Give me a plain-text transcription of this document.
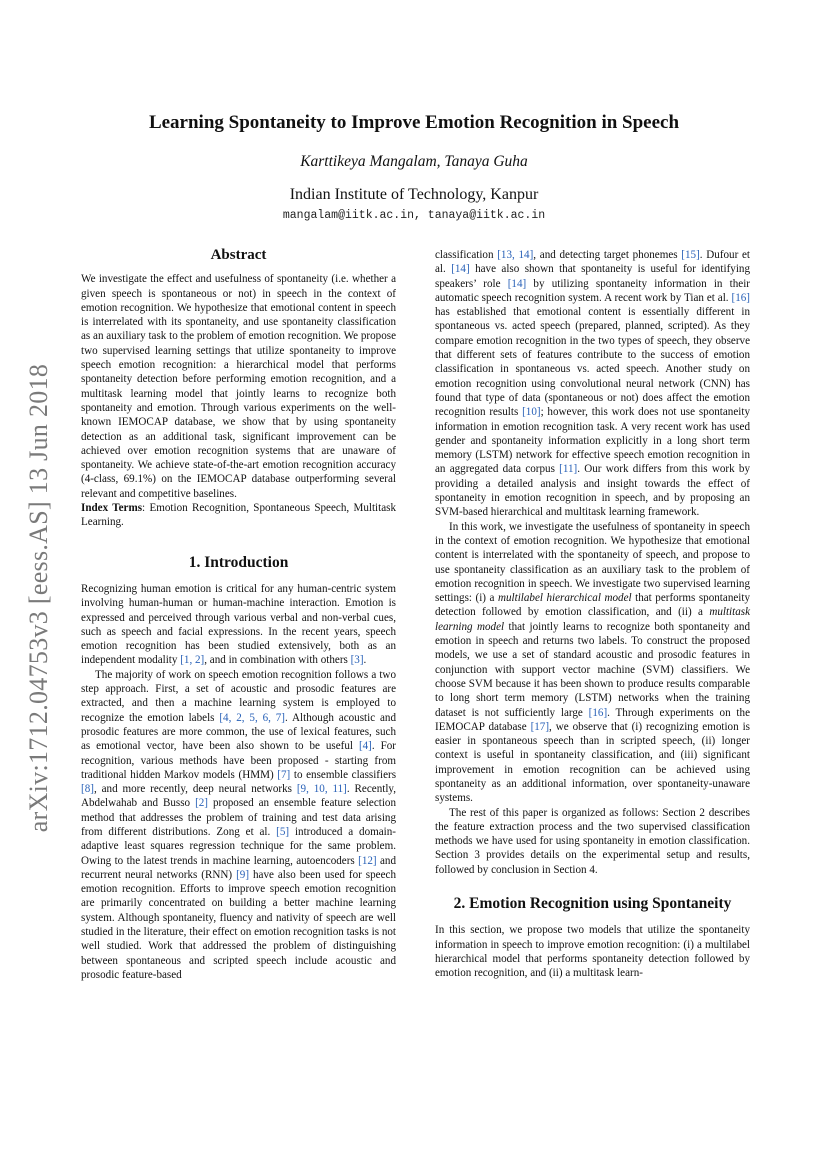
arXiv:1712.04753v3 [eess.AS] 13 Jun 2018
Learning Spontaneity to Improve Emotion Recognition in Speech
Karttikeya Mangalam, Tanaya Guha
Indian Institute of Technology, Kanpur
mangalam@iitk.ac.in, tanaya@iitk.ac.in
Abstract

We investigate the effect and usefulness of spontaneity (i.e. whether a given speech is spontaneous or not) in speech in the context of emotion recognition. We hypothesize that emotional content in speech is interrelated with its spontaneity, and use spontaneity classification as an auxiliary task to the problem of emotion recognition. We propose two supervised learning settings that utilize spontaneity to improve speech emotion recognition: a hierarchical model that performs spontaneity detection before performing emotion recognition, and a multitask learning model that jointly learns to recognize both spontaneity and emotion. Through various experiments on the well-known IEMOCAP database, we show that by using spontaneity detection as an additional task, significant improvement can be achieved over emotion recognition systems that are unaware of spontaneity. We achieve state-of-the-art emotion recognition accuracy (4-class, 69.1%) on the IEMOCAP database outperforming several relevant and competitive baselines.

Index Terms: Emotion Recognition, Spontaneous Speech, Multitask Learning.

1. Introduction

Recognizing human emotion is critical for any human-centric system involving human-human or human-machine interaction. Emotion is expressed and perceived through various verbal and non-verbal cues, such as speech and facial expressions. In the recent years, speech emotion recognition has been studied extensively, both as an independent modality [1, 2], and in combination with others [3].

The majority of work on speech emotion recognition follows a two step approach. First, a set of acoustic and prosodic features are extracted, and then a machine learning system is employed to recognize the emotion labels [4, 2, 5, 6, 7]. Although acoustic and prosodic features are more common, the use of lexical features, such as emotional vector, have been also shown to be useful [4]. For recognition, various methods have been proposed - starting from traditional hidden Markov models (HMM) [7] to ensemble classifiers [8], and more recently, deep neural networks [9, 10, 11]. Recently, Abdelwahab and Busso [2] proposed an ensemble feature selection method that addresses the problem of training and test data arising from different distributions. Zong et al. [5] introduced a domain-adaptive least squares regression technique for the same problem. Owing to the latest trends in machine learning, autoencoders [12] and recurrent neural networks (RNN) [9] have also been used for speech emotion recognition. Efforts to improve speech emotion recognition are primarily concentrated on building a better machine learning system. Although spontaneity, fluency and nativity of speech are well studied in the literature, their effect on emotion recognition tasks is not well studied. Work that addressed the problem of distinguishing between spontaneous and scripted speech include acoustic and prosodic feature-based

classification [13, 14], and detecting target phonemes [15]. Dufour et al. [14] have also shown that spontaneity is useful for identifying speakers’ role [14] by utilizing spontaneity information in their automatic speech recognition system. A recent work by Tian et al. [16] has established that emotional content is essentially different in spontaneous vs. acted speech (prepared, planned, scripted). As they compare emotion recognition in the two types of speech, they observe that different sets of features contribute to the success of emotion classification in spontaneous vs. acted speech. Another study on emotion recognition using convolutional neural network (CNN) has found that type of data (spontaneous or not) does affect the emotion recognition results [10]; however, this work does not use spontaneity information in emotion recognition task. A very recent work has used gender and spontaneity information explicitly in a long short term memory (LSTM) network for effective speech emotion recognition in an aggregated data corpus [11]. Our work differs from this work by providing a detailed analysis and insight towards the effect of spontaneity in emotion recognition in speech, and by proposing an SVM-based hierarchical and multitask learning framework.

In this work, we investigate the usefulness of spontaneity in speech in the context of emotion recognition. We hypothesize that emotional content is interrelated with the spontaneity of speech, and propose to use spontaneity classification as an auxiliary task to the problem of emotion recognition in speech. We investigate two supervised learning settings: (i) a multilabel hierarchical model that performs spontaneity detection followed by emotion classification, and (ii) a multitask learning model that jointly learns to recognize both spontaneity and emotion in speech and returns two labels. To construct the proposed models, we use a set of standard acoustic and prosodic features in conjunction with support vector machine (SVM) classifiers. We choose SVM because it has been shown to produce results comparable to long short term memory (LSTM) networks when the training dataset is not sufficiently large [16]. Through experiments on the IEMOCAP database [17], we observe that (i) recognizing emotion is easier in spontaneous speech than in scripted speech, (ii) longer context is useful in spontaneity classification, and (iii) significant improvement in emotion recognition can be achieved using spontaneity as an additional information, over spontaneity-unaware systems.

The rest of this paper is organized as follows: Section 2 describes the feature extraction process and the two supervised classification methods we have used for using spontaneity in emotion classification. Section 3 provides details on the experimental setup and results, followed by conclusion in Section 4.

2. Emotion Recognition using Spontaneity

In this section, we propose two models that utilize the spontaneity information in speech to improve emotion recognition: (i) a multilabel hierarchical model that performs spontaneity detection followed by emotion recognition, and (ii) a multitask learn-
